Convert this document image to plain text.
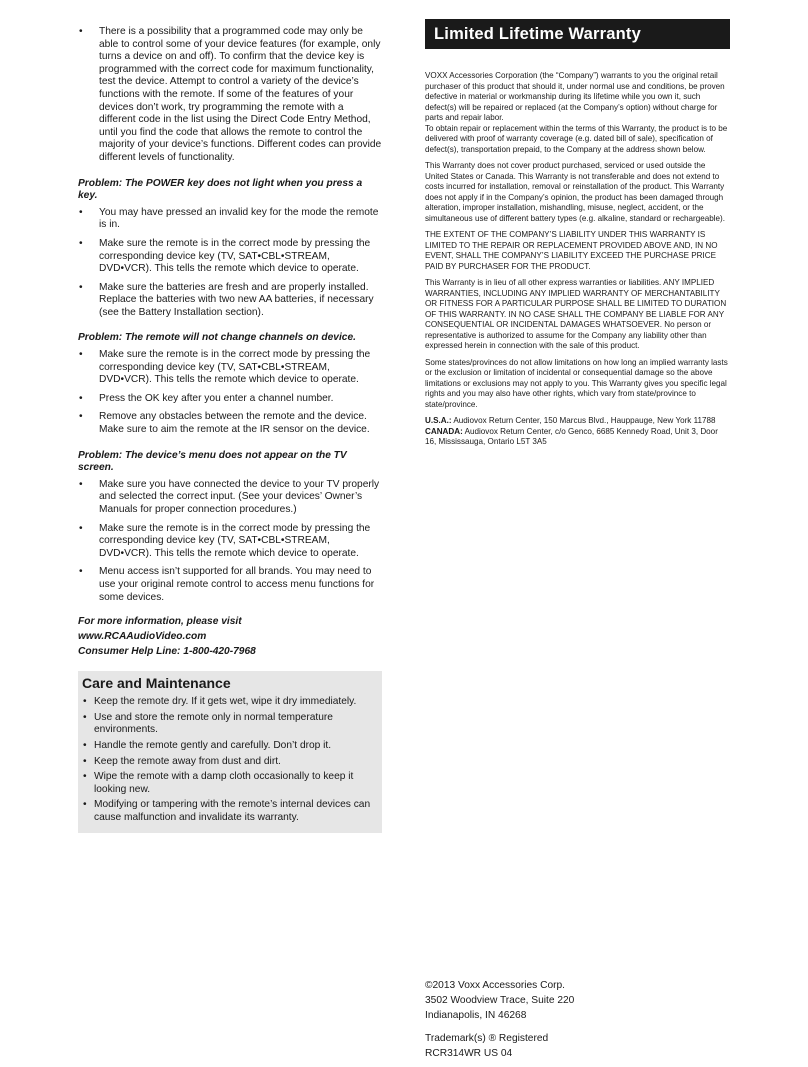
• There is a possibility that a programmed code may only be able to control some of your device features (for example, only turns a device on and off). To confirm that the device key is programmed with the correct code for maximum functionality, test the device. Attempt to control a variety of the device’s functions with the remote. If some of the features of your devices don’t work, try programming the remote with a different code in the list using the Direct Code Entry Method, until you find the code that allows the remote to control the majority of your device’s functions. Different codes can provide different levels of functionality.
Problem: The POWER key does not light when you press a key.
• You may have pressed an invalid key for the mode the remote is in.
• Make sure the remote is in the correct mode by pressing the corresponding device key (TV, SAT•CBL•STREAM, DVD•VCR). This tells the remote which device to operate.
• Make sure the batteries are fresh and are properly installed. Replace the batteries with two new AA batteries, if necessary (see the Battery Installation section).
Problem: The remote will not change channels on device.
• Make sure the remote is in the correct mode by pressing the corresponding device key (TV, SAT•CBL•STREAM, DVD•VCR). This tells the remote which device to operate.
• Press the OK key after you enter a channel number.
• Remove any obstacles between the remote and the device. Make sure to aim the remote at the IR sensor on the device.
Problem: The device’s menu does not appear on the TV screen.
• Make sure you have connected the device to your TV properly and selected the correct input. (See your devices’ Owner’s Manuals for proper connection procedures.)
• Make sure the remote is in the correct mode by pressing the corresponding device key (TV, SAT•CBL•STREAM, DVD•VCR). This tells the remote which device to operate.
• Menu access isn’t supported for all brands. You may need to use your original remote control to access menu functions for some devices.
For more information, please visit
www.RCAAudioVideo.com
Consumer Help Line: 1-800-420-7968
Care and Maintenance
• Keep the remote dry. If it gets wet, wipe it dry immediately.
• Use and store the remote only in normal temperature environments.
• Handle the remote gently and carefully. Don’t drop it.
• Keep the remote away from dust and dirt.
• Wipe the remote with a damp cloth occasionally to keep it looking new.
• Modifying or tampering with the remote’s internal devices can cause malfunction and invalidate its warranty.
Limited Lifetime Warranty

VOXX Accessories Corporation (the “Company”) warrants to you the original retail purchaser of this product that should it, under normal use and conditions, be proven defective in material or workmanship during its lifetime while you own it, such defect(s) will be repaired or replaced (at the Company’s option) without charge for parts and repair labor.

To obtain repair or replacement within the terms of this Warranty, the product is to be delivered with proof of warranty coverage (e.g. dated bill of sale), specification of defect(s), transportation prepaid, to the Company at the address shown below.

This Warranty does not cover product purchased, serviced or used outside the United States or Canada. This Warranty is not transferable and does not extend to costs incurred for installation, removal or reinstallation of the product. This Warranty does not apply if in the Company’s opinion, the product has been damaged through alteration, improper installation, mishandling, misuse, neglect, accident, or the simultaneous use of different battery types (e.g. alkaline, standard or rechargeable).

THE EXTENT OF THE COMPANY’S LIABILITY UNDER THIS WARRANTY IS LIMITED TO THE REPAIR OR REPLACEMENT PROVIDED ABOVE AND, IN NO EVENT, SHALL THE COMPANY’S LIABILITY EXCEED THE PURCHASE PRICE PAID BY PURCHASER FOR THE PRODUCT.

This Warranty is in lieu of all other express warranties or liabilities. ANY IMPLIED WARRANTIES, INCLUDING ANY IMPLIED WARRANTY OF MERCHANTABILITY OR FITNESS FOR A PARTICULAR PURPOSE SHALL BE LIMITED TO DURATION OF THIS WARRANTY. IN NO CASE SHALL THE COMPANY BE LIABLE FOR ANY CONSEQUENTIAL OR INCIDENTAL DAMAGES WHATSOEVER. No person or representative is authorized to assume for the Company any liability other than expressed herein in connection with the sale of this product.

Some states/provinces do not allow limitations on how long an implied warranty lasts or the exclusion or limitation of incidental or consequential damage so the above limitations or exclusions may not apply to you. This Warranty gives you specific legal rights and you may also have other rights, which vary from state/province to state/province.

U.S.A.: Audiovox Return Center, 150 Marcus Blvd., Hauppauge, New York 11788

CANADA: Audiovox Return Center, c/o Genco, 6685 Kennedy Road, Unit 3, Door 16, Mississauga, Ontario L5T 3A5

©2013 Voxx Accessories Corp.
3502 Woodview Trace, Suite 220
Indianapolis, IN 46268
Trademark(s) ® Registered
RCR314WR US 04
